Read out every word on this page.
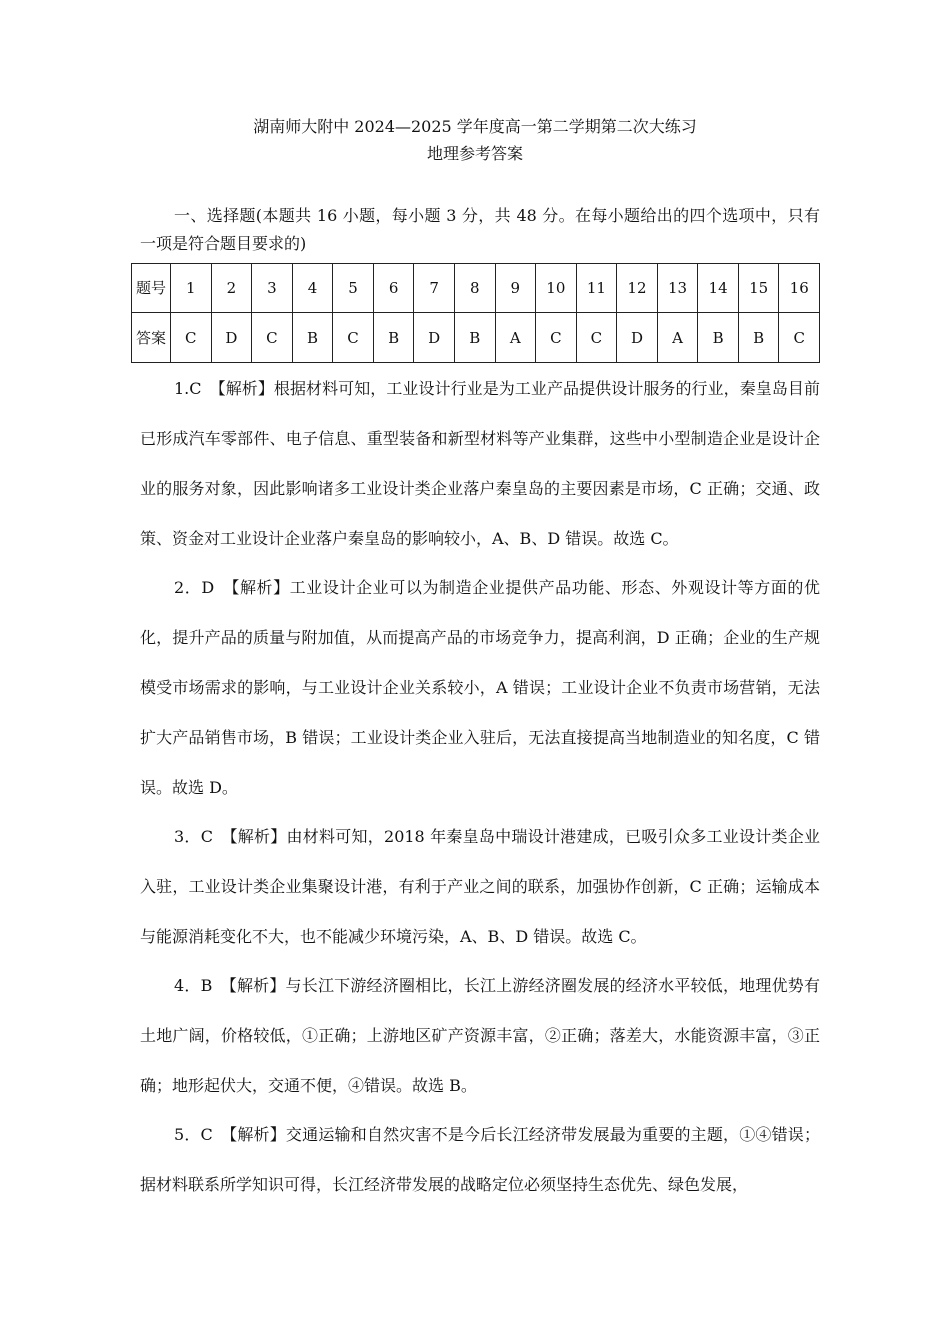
湖南师大附中 2024—2025 学年度高一第二学期第二次大练习
地理参考答案
一、选择题(本题共 16 小题，每小题 3 分，共 48 分。在每小题给出的四个选项中，只有一项是符合题目要求的)
题号	1	2	3	4	5	6	7	8	9	10	11	12	13	14	15	16
答案	C	D	C	B	C	B	D	B	A	C	C	D	A	B	B	C
1.C　【解析】根据材料可知，工业设计行业是为工业产品提供设计服务的行业，秦皇岛目前已形成汽车零部件、电子信息、重型装备和新型材料等产业集群，这些中小型制造企业是设计企业的服务对象，因此影响诸多工业设计类企业落户秦皇岛的主要因素是市场，C 正确；交通、政策、资金对工业设计企业落户秦皇岛的影响较小，A、B、D 错误。故选 C。
2．D　【解析】工业设计企业可以为制造企业提供产品功能、形态、外观设计等方面的优化，提升产品的质量与附加值，从而提高产品的市场竞争力，提高利润，D 正确；企业的生产规模受市场需求的影响，与工业设计企业关系较小，A 错误；工业设计企业不负责市场营销，无法扩大产品销售市场，B 错误；工业设计类企业入驻后，无法直接提高当地制造业的知名度，C 错误。故选 D。
3．C　【解析】由材料可知，2018 年秦皇岛中瑞设计港建成，已吸引众多工业设计类企业入驻，工业设计类企业集聚设计港，有利于产业之间的联系，加强协作创新，C 正确；运输成本与能源消耗变化不大，也不能减少环境污染，A、B、D 错误。故选 C。
4．B　【解析】与长江下游经济圈相比，长江上游经济圈发展的经济水平较低，地理优势有土地广阔，价格较低，①正确；上游地区矿产资源丰富，②正确；落差大，水能资源丰富，③正确；地形起伏大，交通不便，④错误。故选 B。
5．C　【解析】交通运输和自然灾害不是今后长江经济带发展最为重要的主题，①④错误；据材料联系所学知识可得，长江经济带发展的战略定位必须坚持生态优先、绿色发展，
